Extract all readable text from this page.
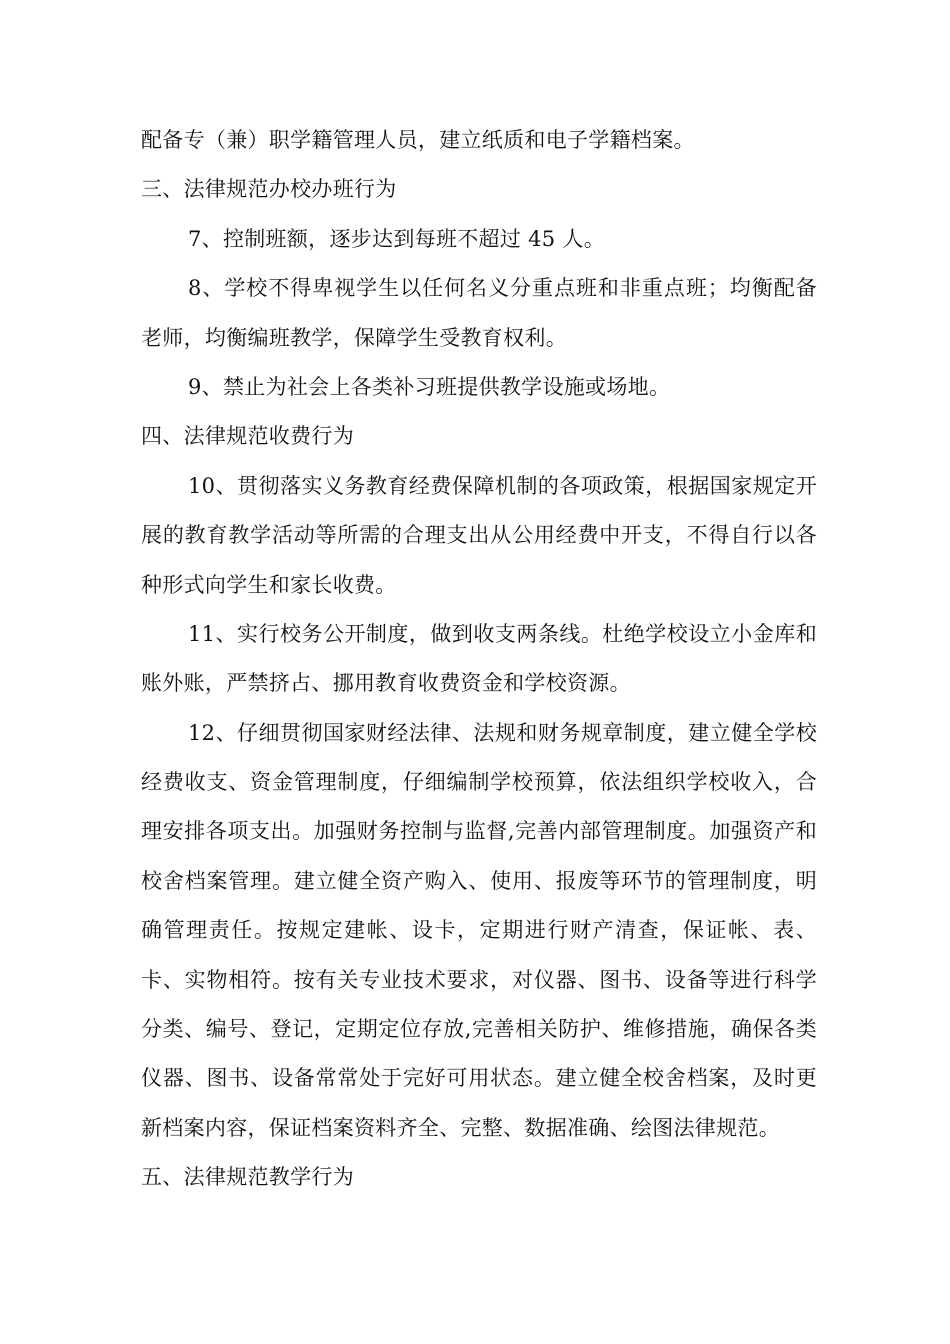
配备专（兼）职学籍管理人员，建立纸质和电子学籍档案。
三、法律规范办校办班行为
7、控制班额，逐步达到每班不超过 45 人。
8、学校不得卑视学生以任何名义分重点班和非重点班；均衡配备
老师，均衡编班教学，保障学生受教育权利。
9、禁止为社会上各类补习班提供教学设施或场地。
四、法律规范收费行为
10、贯彻落实义务教育经费保障机制的各项政策，根据国家规定开
展的教育教学活动等所需的合理支出从公用经费中开支，不得自行以各
种形式向学生和家长收费。
11、实行校务公开制度，做到收支两条线。杜绝学校设立小金库和
账外账，严禁挤占、挪用教育收费资金和学校资源。
12、仔细贯彻国家财经法律、法规和财务规章制度，建立健全学校
经费收支、资金管理制度，仔细编制学校预算，依法组织学校收入，合
理安排各项支出。加强财务控制与监督,完善内部管理制度。加强资产和
校舍档案管理。建立健全资产购入、使用、报废等环节的管理制度，明
确管理责任。按规定建帐、设卡，定期进行财产清查，保证帐、表、
卡、实物相符。按有关专业技术要求，对仪器、图书、设备等进行科学
分类、编号、登记，定期定位存放,完善相关防护、维修措施，确保各类
仪器、图书、设备常常处于完好可用状态。建立健全校舍档案，及时更
新档案内容，保证档案资料齐全、完整、数据准确、绘图法律规范。
五、法律规范教学行为
